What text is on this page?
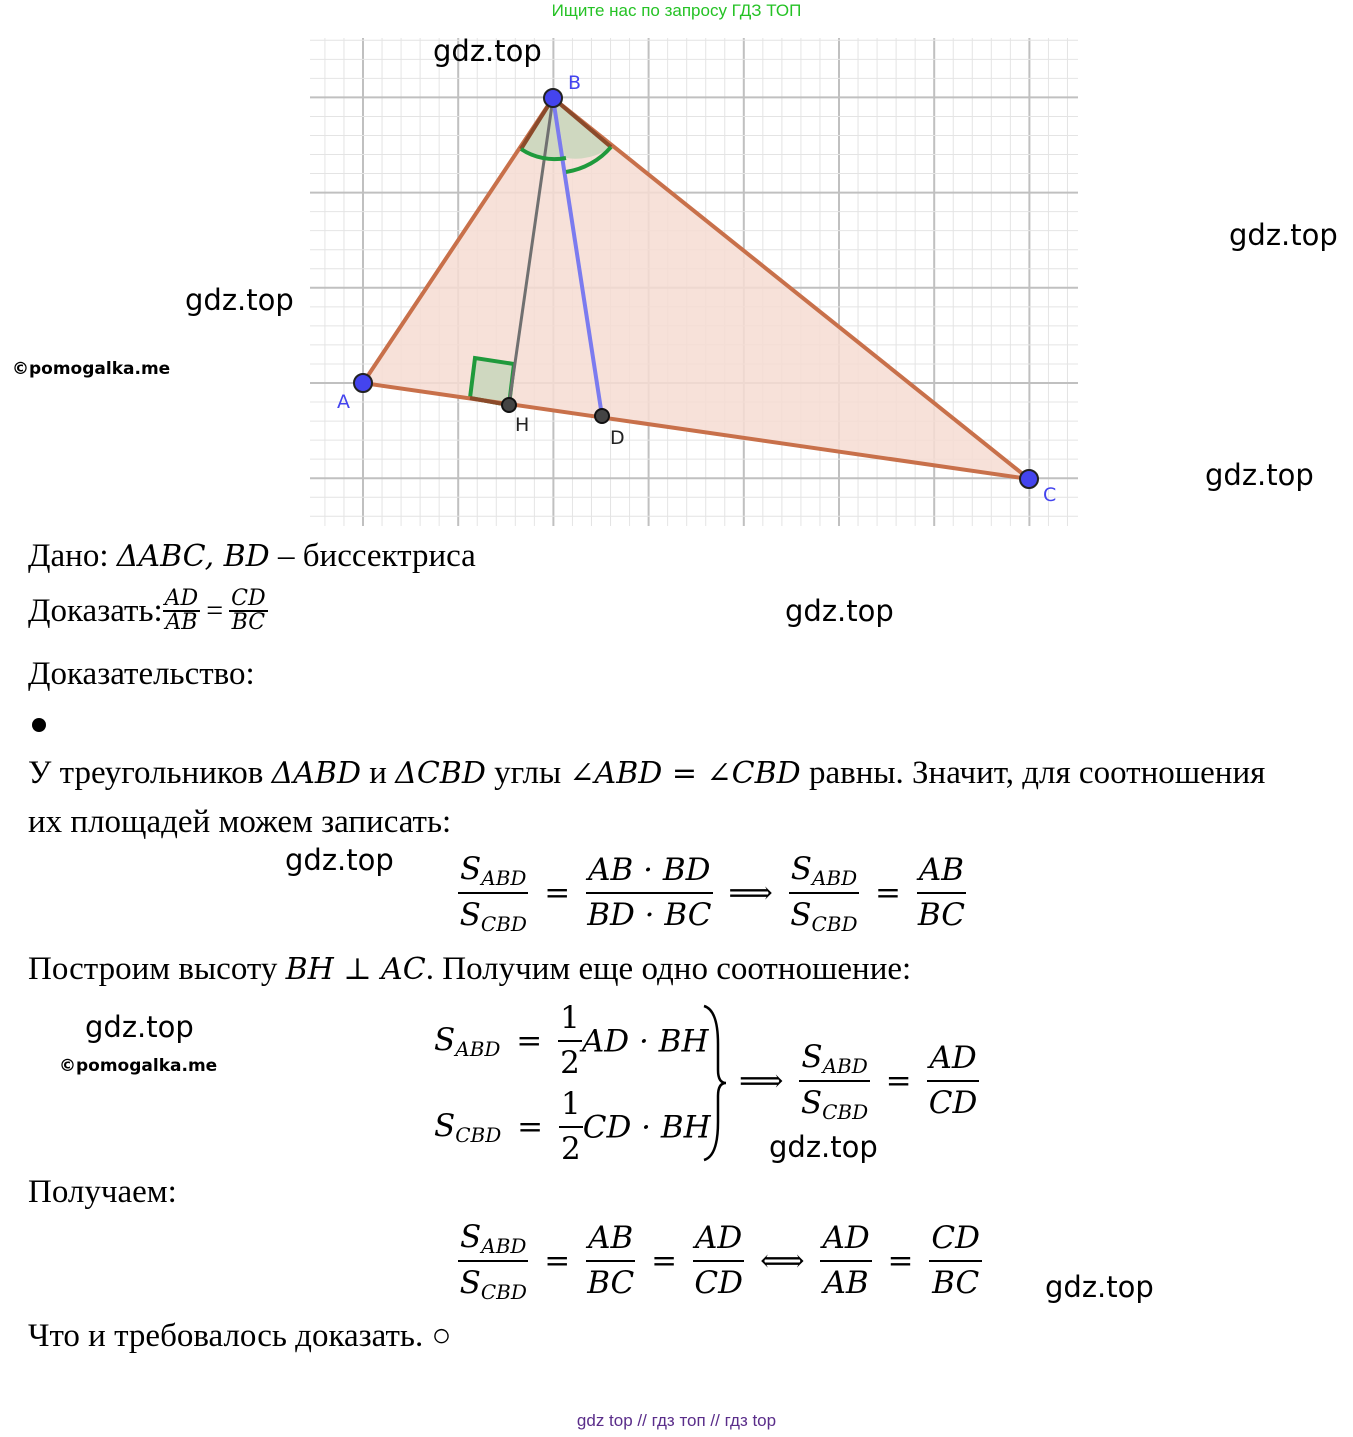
Ищите нас по запросу ГДЗ ТОП
A
B
C
H
D
gdz.top
gdz.top
gdz.top
gdz.top
gdz.top
gdz.top
gdz.top
gdz.top
gdz.top
©pomogalka.me
©pomogalka.me
Дано: ΔABC, BD – биссектриса
Доказать: $\frac{AD}{AB} = \frac{CD}{BC}$
Доказательство:
У треугольников ΔABD и ΔCBD углы ∠ABD = ∠CBD равны. Значит, для соотношения
их площадей можем записать:
$\frac{S_{ABD}}{S_{CBD}} = \frac{AB \cdot BD}{BD \cdot BC}$ ⟹ $\frac{S_{ABD}}{S_{CBD}} = \frac{AB}{BC}$
Построим высоту BH ⊥ AC. Получим еще одно соотношение:
$S_{ABD} = \frac{1}{2}$ AD · BH
$S_{CBD} = \frac{1}{2}$ CD · BH
⟹ $\frac{S_{ABD}}{S_{CBD}} = \frac{AD}{CD}$
Получаем:
$\frac{S_{ABD}}{S_{CBD}} = \frac{AB}{BC} = \frac{AD}{CD}$ ⟺ $\frac{AD}{AB} = \frac{CD}{BC}$
Что и требовалось доказать. ○
gdz top // гдз топ // гдз top
